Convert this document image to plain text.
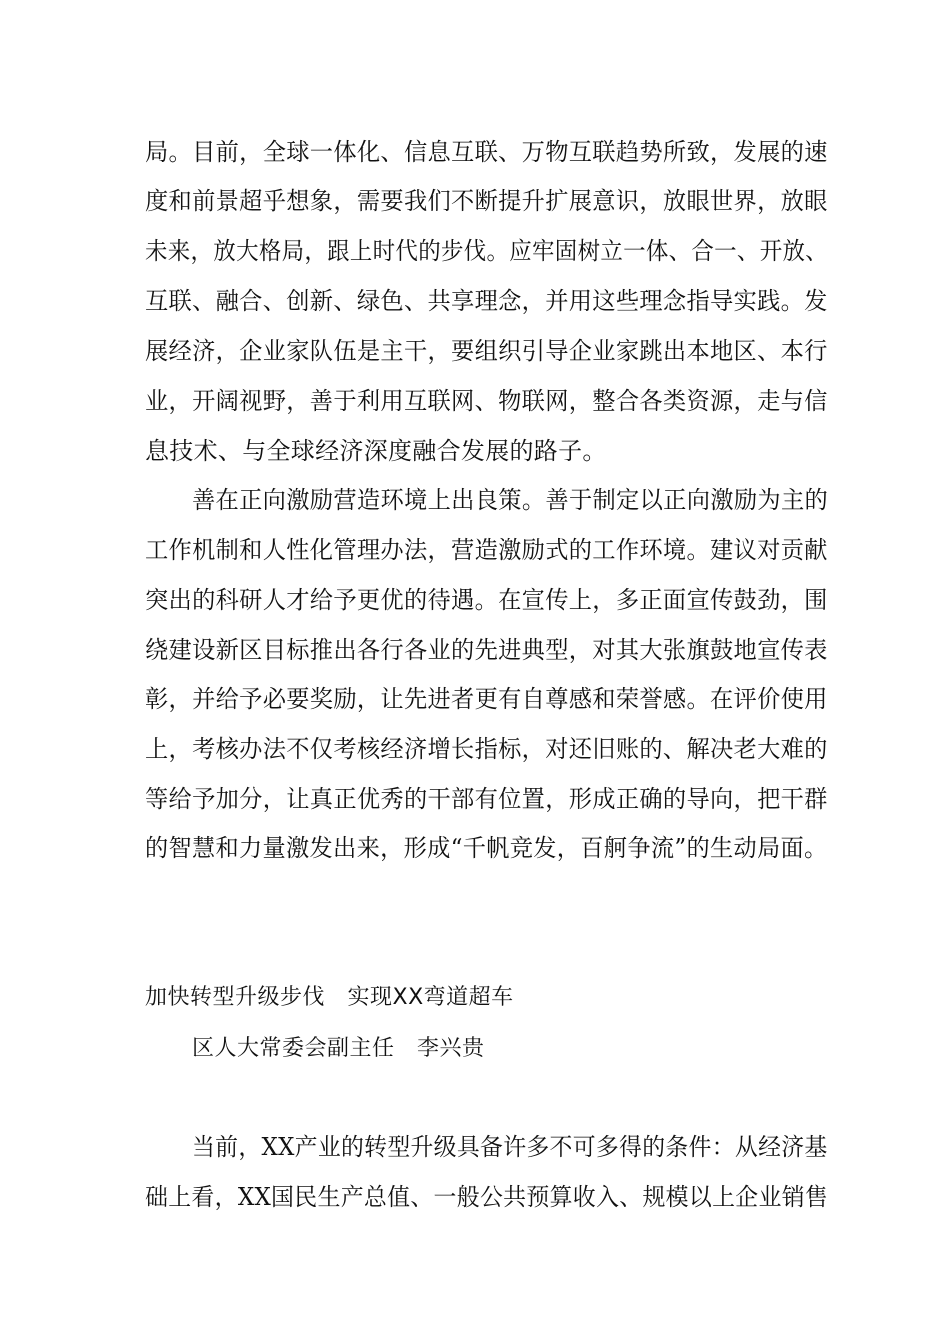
局。目前，全球一体化、信息互联、万物互联趋势所致，发展的速
度和前景超乎想象，需要我们不断提升扩展意识，放眼世界，放眼
未来，放大格局，跟上时代的步伐。应牢固树立一体、合一、开放、
互联、融合、创新、绿色、共享理念，并用这些理念指导实践。发
展经济，企业家队伍是主干，要组织引导企业家跳出本地区、本行
业，开阔视野，善于利用互联网、物联网，整合各类资源，走与信
息技术、与全球经济深度融合发展的路子。
善在正向激励营造环境上出良策。善于制定以正向激励为主的
工作机制和人性化管理办法，营造激励式的工作环境。建议对贡献
突出的科研人才给予更优的待遇。在宣传上，多正面宣传鼓劲，围
绕建设新区目标推出各行各业的先进典型，对其大张旗鼓地宣传表
彰，并给予必要奖励，让先进者更有自尊感和荣誉感。在评价使用
上，考核办法不仅考核经济增长指标，对还旧账的、解决老大难的
等给予加分，让真正优秀的干部有位置，形成正确的导向，把干群
的智慧和力量激发出来，形成“千帆竞发，百舸争流”的生动局面。
加快转型升级步伐　实现XX弯道超车
区人大常委会副主任　李兴贵
当前，XX产业的转型升级具备许多不可多得的条件：从经济基
础上看，XX国民生产总值、一般公共预算收入、规模以上企业销售
